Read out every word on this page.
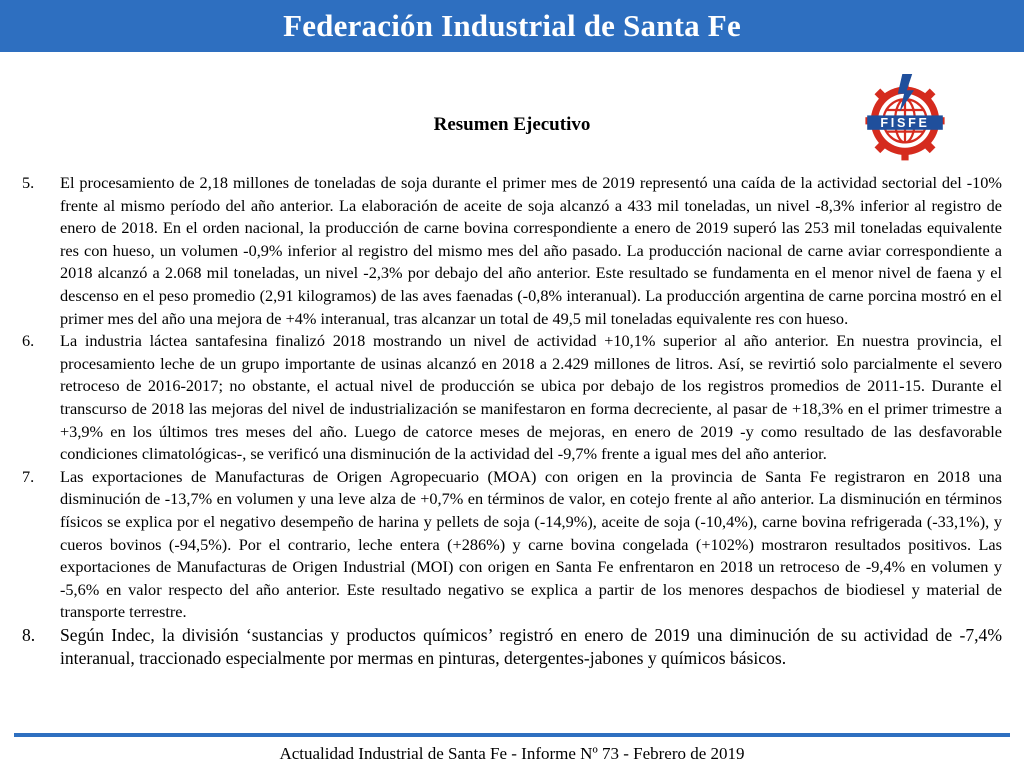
Federación Industrial de Santa Fe
FISFE
Resumen Ejecutivo
5.	El procesamiento de 2,18 millones de toneladas de soja durante el primer mes de 2019 representó una caída de la actividad sectorial del -10% frente al mismo período del año anterior. La elaboración de aceite de soja alcanzó a 433 mil toneladas, un nivel -8,3% inferior al registro de enero de 2018. En el orden nacional, la producción de carne bovina correspondiente a enero de 2019 superó las 253 mil toneladas equivalente res con hueso, un volumen -0,9% inferior al registro del mismo mes del año pasado. La producción nacional de carne aviar correspondiente a 2018 alcanzó a 2.068 mil toneladas, un nivel -2,3% por debajo del año anterior. Este resultado se fundamenta en el menor nivel de faena y el descenso en el peso promedio (2,91 kilogramos) de las aves faenadas (-0,8% interanual). La producción argentina de carne porcina mostró en el primer mes del año una mejora de +4% interanual, tras alcanzar un total de 49,5 mil toneladas equivalente res con hueso.
6.	La industria láctea santafesina finalizó 2018 mostrando un nivel de actividad +10,1% superior al año anterior. En nuestra provincia, el procesamiento leche de un grupo importante de usinas alcanzó en 2018 a 2.429 millones de litros. Así, se revirtió solo parcialmente el severo retroceso de 2016-2017; no obstante, el actual nivel de producción se ubica por debajo de los registros promedios de 2011-15. Durante el transcurso de 2018 las mejoras del nivel de industrialización se manifestaron en forma decreciente, al pasar de +18,3% en el primer trimestre a +3,9% en los últimos tres meses del año. Luego de catorce meses de mejoras, en enero de 2019 -y como resultado de las desfavorable condiciones climatológicas-, se verificó una disminución de la actividad del -9,7% frente a igual mes del año anterior.
7.	Las exportaciones de Manufacturas de Origen Agropecuario (MOA) con origen en la provincia de Santa Fe registraron en 2018 una disminución de -13,7% en volumen y una leve alza de +0,7% en términos de valor, en cotejo frente al año anterior. La disminución en términos físicos se explica por el negativo desempeño de harina y pellets de soja (-14,9%), aceite de soja (-10,4%), carne bovina refrigerada (-33,1%), y cueros bovinos (-94,5%). Por el contrario, leche entera (+286%) y carne bovina congelada (+102%) mostraron resultados positivos. Las exportaciones de Manufacturas de Origen Industrial (MOI) con origen en Santa Fe enfrentaron en 2018 un retroceso de -9,4% en volumen y -5,6% en valor respecto del año anterior. Este resultado negativo se explica a partir de los menores despachos de biodiesel y material de transporte terrestre.
8.	Según Indec, la división ‘sustancias y productos químicos’ registró en enero de 2019 una diminución de su actividad de -7,4% interanual, traccionado especialmente por mermas en pinturas, detergentes-jabones y químicos básicos.
Actualidad Industrial de Santa Fe - Informe Nº 73 - Febrero de 2019
